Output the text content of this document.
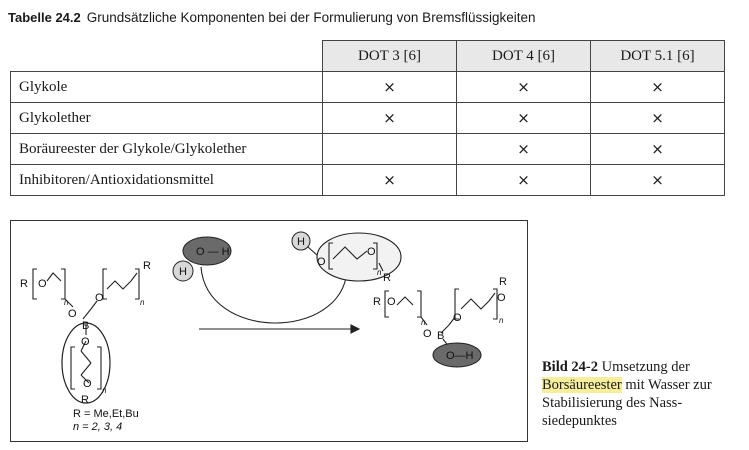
Tabelle 24.2 Grundsätzliche Komponenten bei der Formulierung von Bremsflüssigkeiten
	DOT 3 [6]	DOT 4 [6]	DOT 5.1 [6]
Glykole	×	×	×
Glykolether	×	×	×
Boräureester der Glykole/Glykolether		×	×
Inhibitoren/Antioxidationsmittel	×	×	×
R O
n
O
B
O	n
R
O
O
n
R
R = Me,Et,Bu
n = 2, 3, 4
O — H
H
H
O
O
n R
R O
n
O B
O	n
R
O
O—H
Bild 24-2 Umsetzung der Borsäureester mit Wasser zur Stabilisierung des Nass-siedepunktes
